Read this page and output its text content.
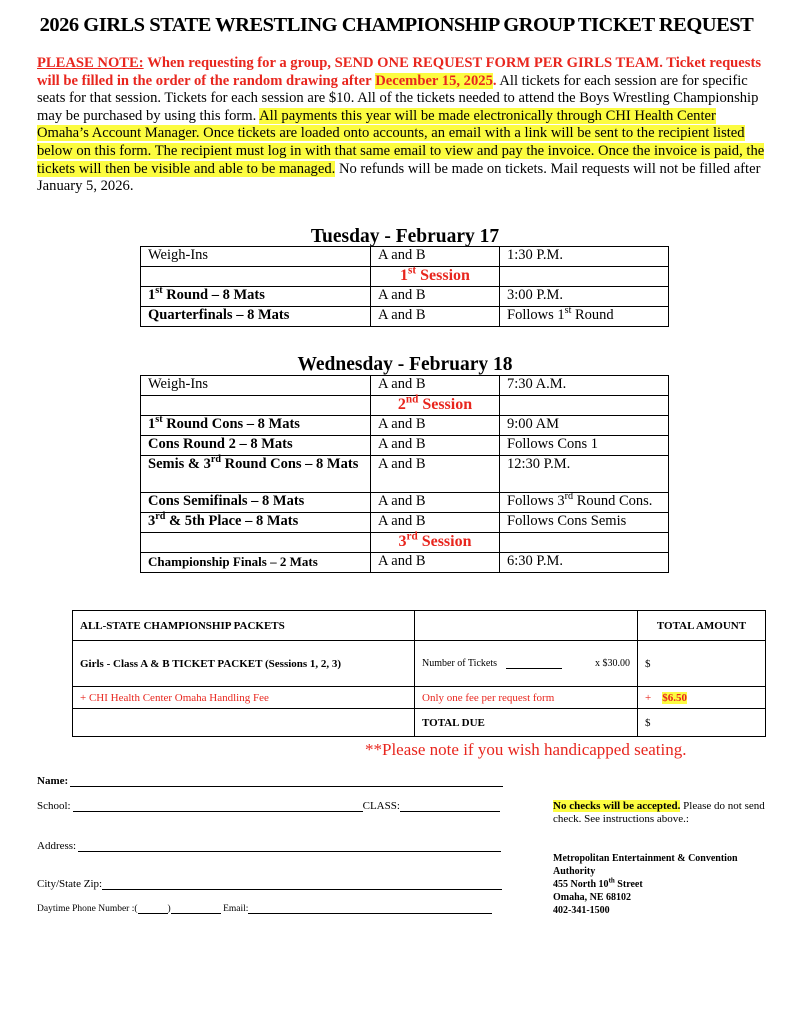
2026 GIRLS STATE WRESTLING CHAMPIONSHIP GROUP TICKET REQUEST
PLEASE NOTE: When requesting for a group, SEND ONE REQUEST FORM PER GIRLS TEAM. Ticket requests will be filled in the order of the random drawing after December 15, 2025. All tickets for each session are for specific seats for that session. Tickets for each session are $10. All of the tickets needed to attend the Boys Wrestling Championship may be purchased by using this form. All payments this year will be made electronically through CHI Health Center Omaha’s Account Manager. Once tickets are loaded onto accounts, an email with a link will be sent to the recipient listed below on this form. The recipient must log in with that same email to view and pay the invoice. Once the invoice is paid, the tickets will then be visible and able to be managed. No refunds will be made on tickets. Mail requests will not be filled after January 5, 2026.
Tuesday - February 17
Weigh-Ins	A and B	1:30 P.M.
	1st Session	
1st Round – 8 Mats	A and B	3:00 P.M.
Quarterfinals – 8 Mats	A and B	Follows 1st Round
Wednesday - February 18
Weigh-Ins	A and B	7:30 A.M.
	2nd Session	
1st Round Cons – 8 Mats	A and B	9:00 AM
Cons Round 2 – 8 Mats	A and B	Follows Cons 1
Semis & 3rd Round Cons – 8 Mats	A and B	12:30 P.M.
Cons Semifinals – 8 Mats	A and B	Follows 3rd Round Cons.
3rd & 5th Place – 8 Mats	A and B	Follows Cons Semis
	3rd Session	
Championship Finals – 2 Mats	A and B	6:30 P.M.
ALL-STATE CHAMPIONSHIP PACKETS		TOTAL AMOUNT
Girls - Class A & B TICKET PACKET (Sessions 1, 2, 3)	Number of Tickets x $30.00	$
+ CHI Health Center Omaha Handling Fee	Only one fee per request form	+ $6.50
	TOTAL DUE	$
**Please note if you wish handicapped seating.
Name:
School:	CLASS:
Address:
City/State Zip:
Daytime Phone Number :(	)	Email:
No checks will be accepted. Please do not send check. See instructions above.:
Metropolitan Entertainment & Convention Authority
455 North 10th Street
Omaha, NE 68102
402-341-1500
